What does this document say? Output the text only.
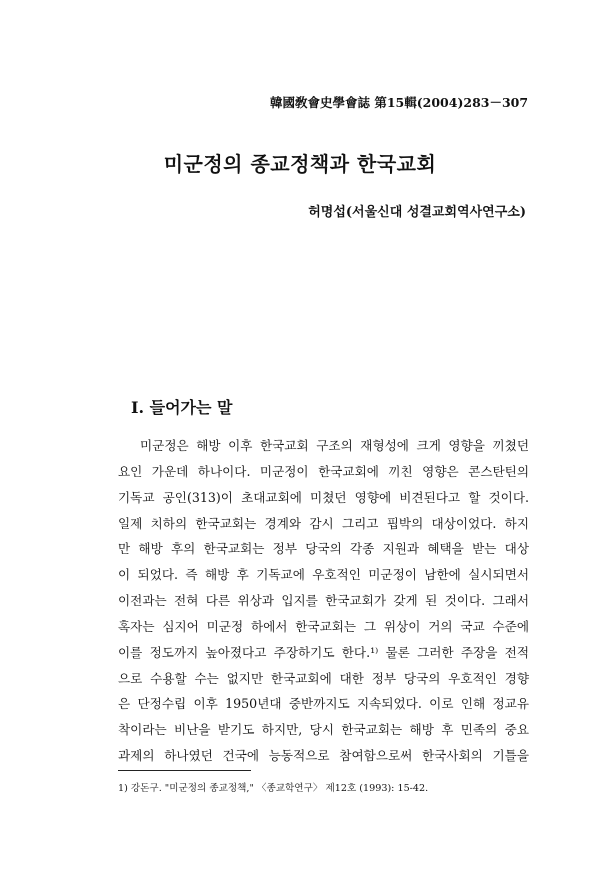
韓國敎會史學會誌 第15輯(2004) 283－307
미군정의 종교정책과 한국교회
허명섭(서울신대 성결교회역사연구소)
I. 들어가는 말
미군정은 해방 이후 한국교회 구조의 재형성에 크게 영향을 끼쳤던
요인 가운데 하나이다. 미군정이 한국교회에 끼친 영향은 콘스탄틴의
기독교 공인(313)이 초대교회에 미쳤던 영향에 비견된다고 할 것이다.
일제 치하의 한국교회는 경계와 감시 그리고 핍박의 대상이었다. 하지
만 해방 후의 한국교회는 정부 당국의 각종 지원과 혜택을 받는 대상
이 되었다. 즉 해방 후 기독교에 우호적인 미군정이 남한에 실시되면서
이전과는 전혀 다른 위상과 입지를 한국교회가 갖게 된 것이다. 그래서
혹자는 심지어 미군정 하에서 한국교회는 그 위상이 거의 국교 수준에
이를 정도까지 높아졌다고 주장하기도 한다.¹⁾ 물론 그러한 주장을 전적
으로 수용할 수는 없지만 한국교회에 대한 정부 당국의 우호적인 경향
은 단정수립 이후 1950년대 중반까지도 지속되었다. 이로 인해 정교유
착이라는 비난을 받기도 하지만, 당시 한국교회는 해방 후 민족의 중요
과제의 하나였던 건국에 능동적으로 참여함으로써 한국사회의 기틀을
1) 강돈구. "미군정의 종교정책," 〈종교학연구〉 제12호 (1993): 15-42.
